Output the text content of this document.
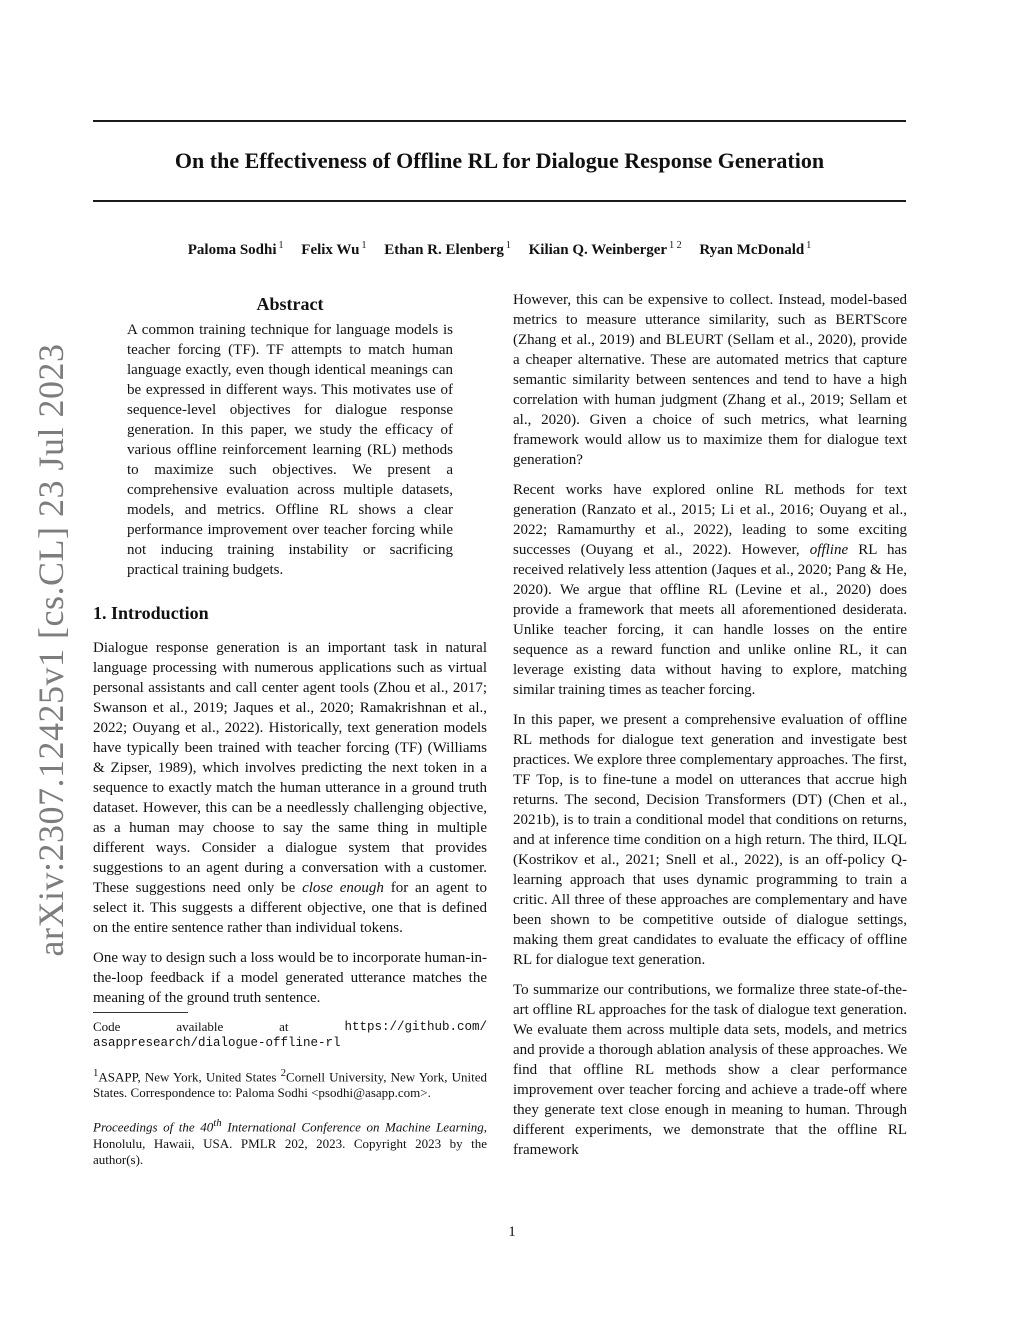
On the Effectiveness of Offline RL for Dialogue Response Generation
Paloma Sodhi $^1$ Felix Wu $^1$ Ethan R. Elenberg $^1$ Kilian Q. Weinberger $^{1 2}$ Ryan McDonald $^1$
arXiv:2307.12425v1 [cs.CL] 23 Jul 2023
Abstract

A common training technique for language models is teacher forcing (TF). TF attempts to match human language exactly, even though identical meanings can be expressed in different ways. This motivates use of sequence-level objectives for dialogue response generation. In this paper, we study the efficacy of various offline reinforcement learning (RL) methods to maximize such objectives. We present a comprehensive evaluation across multiple datasets, models, and metrics. Offline RL shows a clear performance improvement over teacher forcing while not inducing training instability or sacrificing practical training budgets.

1. Introduction

Dialogue response generation is an important task in natural language processing with numerous applications such as virtual personal assistants and call center agent tools (Zhou et al., 2017; Swanson et al., 2019; Jaques et al., 2020; Ramakrishnan et al., 2022; Ouyang et al., 2022). Historically, text generation models have typically been trained with teacher forcing (TF) (Williams & Zipser, 1989), which involves predicting the next token in a sequence to exactly match the human utterance in a ground truth dataset. However, this can be a needlessly challenging objective, as a human may choose to say the same thing in multiple different ways. Consider a dialogue system that provides suggestions to an agent during a conversation with a customer. These suggestions need only be close enough for an agent to select it. This suggests a different objective, one that is defined on the entire sentence rather than individual tokens.

One way to design such a loss would be to incorporate human-in-the-loop feedback if a model generated utterance matches the meaning of the ground truth sentence.

Code	available	at	https://github.com/
asappresearch/dialogue-offline-rl
$^1$ASAPP, New York, United States $^2$Cornell University, New York, United States. Correspondence to: Paloma Sodhi <psodhi@asapp.com>.
Proceedings of the 40th International Conference on Machine Learning, Honolulu, Hawaii, USA. PMLR 202, 2023. Copyright 2023 by the author(s).

However, this can be expensive to collect. Instead, model-based metrics to measure utterance similarity, such as BERTScore (Zhang et al., 2019) and BLEURT (Sellam et al., 2020), provide a cheaper alternative. These are automated metrics that capture semantic similarity between sentences and tend to have a high correlation with human judgment (Zhang et al., 2019; Sellam et al., 2020). Given a choice of such metrics, what learning framework would allow us to maximize them for dialogue text generation?

Recent works have explored online RL methods for text generation (Ranzato et al., 2015; Li et al., 2016; Ouyang et al., 2022; Ramamurthy et al., 2022), leading to some exciting successes (Ouyang et al., 2022). However, offline RL has received relatively less attention (Jaques et al., 2020; Pang & He, 2020). We argue that offline RL (Levine et al., 2020) does provide a framework that meets all aforementioned desiderata. Unlike teacher forcing, it can handle losses on the entire sequence as a reward function and unlike online RL, it can leverage existing data without having to explore, matching similar training times as teacher forcing.

In this paper, we present a comprehensive evaluation of offline RL methods for dialogue text generation and investigate best practices. We explore three complementary approaches. The first, TF Top, is to fine-tune a model on utterances that accrue high returns. The second, Decision Transformers (DT) (Chen et al., 2021b), is to train a conditional model that conditions on returns, and at inference time condition on a high return. The third, ILQL (Kostrikov et al., 2021; Snell et al., 2022), is an off-policy Q-learning approach that uses dynamic programming to train a critic. All three of these approaches are complementary and have been shown to be competitive outside of dialogue settings, making them great candidates to evaluate the efficacy of offline RL for dialogue text generation.

To summarize our contributions, we formalize three state-of-the-art offline RL approaches for the task of dialogue text generation. We evaluate them across multiple data sets, models, and metrics and provide a thorough ablation analysis of these approaches. We find that offline RL methods show a clear performance improvement over teacher forcing and achieve a trade-off where they generate text close enough in meaning to human. Through different experiments, we demonstrate that the offline RL framework

1
